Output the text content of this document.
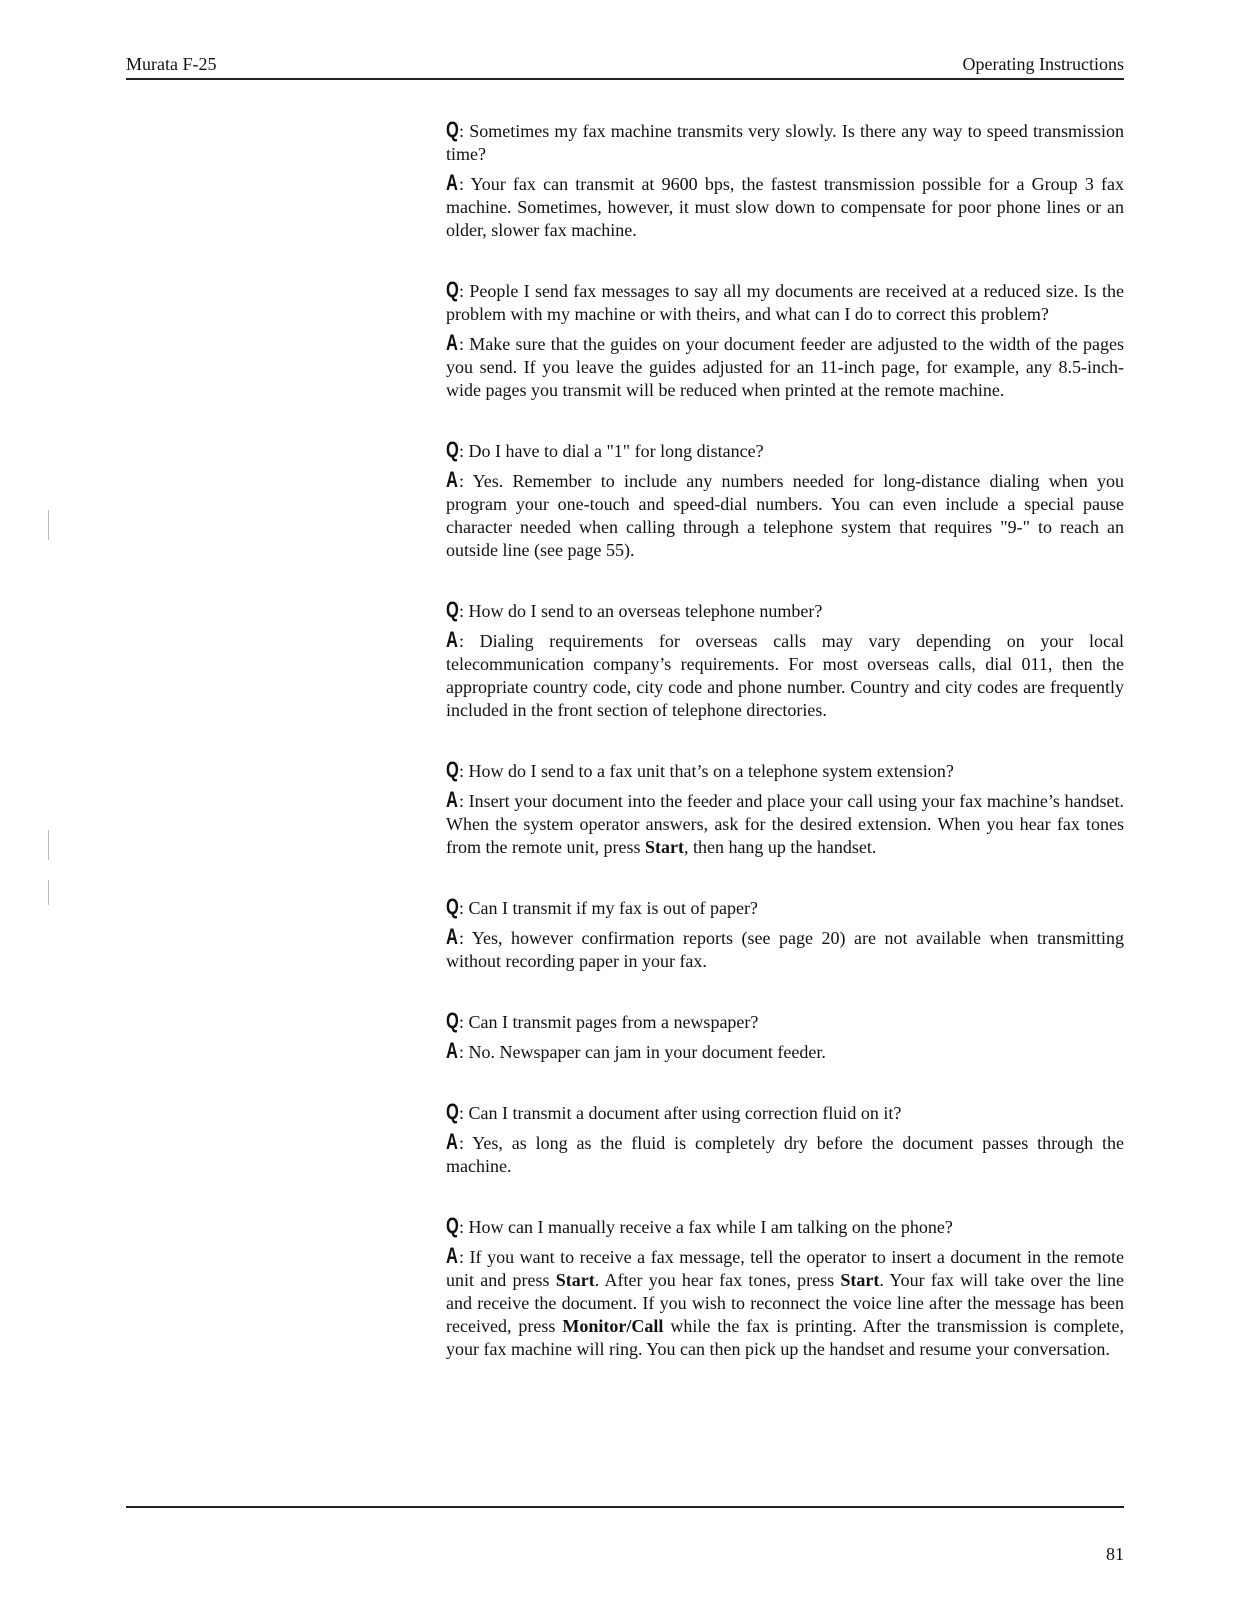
Murata F-25	Operating Instructions

Q: Sometimes my fax machine transmits very slowly. Is there any way to speed transmission time?

A: Your fax can transmit at 9600 bps, the fastest transmission possible for a Group 3 fax machine. Sometimes, however, it must slow down to compensate for poor phone lines or an older, slower fax machine.

Q: People I send fax messages to say all my documents are received at a reduced size. Is the problem with my machine or with theirs, and what can I do to correct this problem?

A: Make sure that the guides on your document feeder are adjusted to the width of the pages you send. If you leave the guides adjusted for an 11-inch page, for example, any 8.5-inch-wide pages you transmit will be reduced when printed at the remote machine.

Q: Do I have to dial a "1" for long distance?

A: Yes. Remember to include any numbers needed for long-distance dialing when you program your one-touch and speed-dial numbers. You can even include a special pause character needed when calling through a telephone system that requires "9-" to reach an outside line (see page 55).

Q: How do I send to an overseas telephone number?

A: Dialing requirements for overseas calls may vary depending on your local telecommunication company’s requirements. For most overseas calls, dial 011, then the appropriate country code, city code and phone number. Country and city codes are frequently included in the front section of telephone directories.

Q: How do I send to a fax unit that’s on a telephone system extension?

A: Insert your document into the feeder and place your call using your fax machine’s handset. When the system operator answers, ask for the desired extension. When you hear fax tones from the remote unit, press Start, then hang up the handset.

Q: Can I transmit if my fax is out of paper?

A: Yes, however confirmation reports (see page 20) are not available when transmitting without recording paper in your fax.

Q: Can I transmit pages from a newspaper?

A: No. Newspaper can jam in your document feeder.

Q: Can I transmit a document after using correction fluid on it?

A: Yes, as long as the fluid is completely dry before the document passes through the machine.

Q: How can I manually receive a fax while I am talking on the phone?

A: If you want to receive a fax message, tell the operator to insert a document in the remote unit and press Start. After you hear fax tones, press Start. Your fax will take over the line and receive the document. If you wish to reconnect the voice line after the message has been received, press Monitor/Call while the fax is printing. After the transmission is complete, your fax machine will ring. You can then pick up the handset and resume your conversation.

81
